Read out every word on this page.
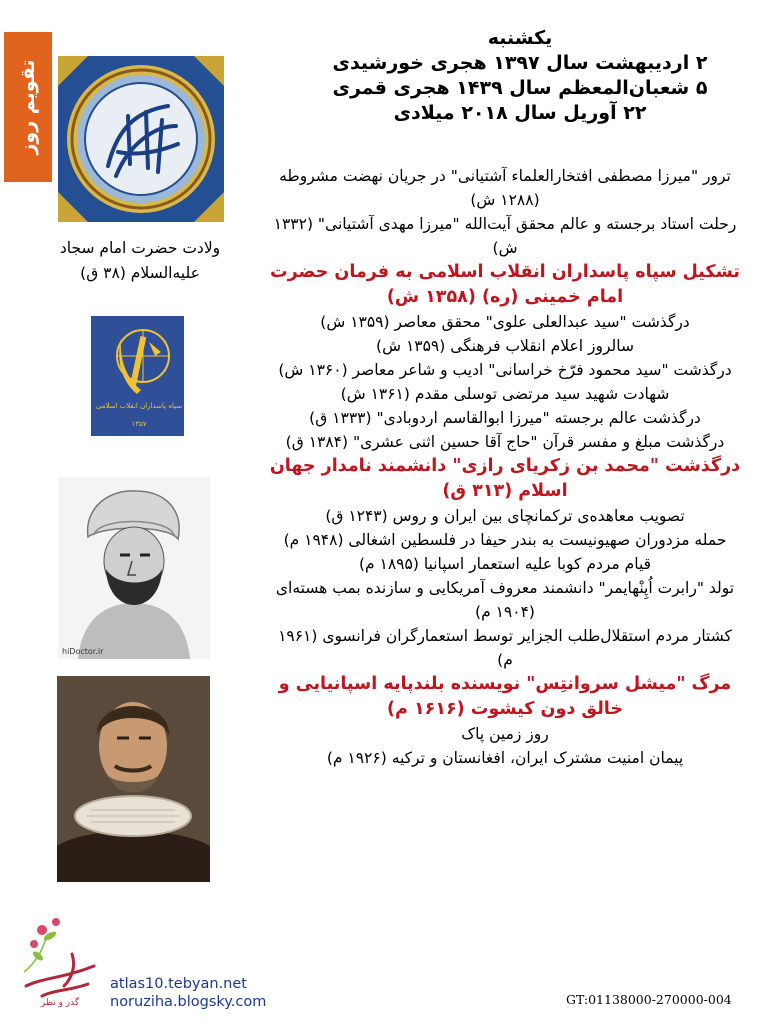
تقویم روز
یکشنبه
۲ اردیبهشت سال ۱۳۹۷ هجری خورشیدی
۵ شعبان‌المعظم سال ۱۴۳۹ هجری قمری
۲۲ آوریل سال ۲۰۱۸ میلادی
ولادت حضرت امام سجاد علیه‌السلام (۳۸ ق)
سپاه پاسداران انقلاب اسلامی
۱۳۵۷
hiDoctor.ir
گذر و نظر
atlas10.tebyan.net
noruziha.blogsky.com	GT:01138000-270000-004
ترور "میرزا مصطفی افتخارالعلماء آشتیانی" در جریان نهضت مشروطه (۱۲۸۸ ش)
رحلت استاد برجسته و عالم محقق آیت‌الله "میرزا مهدی آشتیانی" (۱۳۳۲ ش)
تشکیل سپاه پاسداران انقلاب اسلامی به فرمان حضرت امام خمینی (ره) (۱۳۵۸ ش)
درگذشت "سید عبدالعلی علوی" محقق معاصر (۱۳۵۹ ش)
سالروز اعلام انقلاب فرهنگی (۱۳۵۹ ش)
درگذشت "سید محمود فرّخ خراسانی" ادیب و شاعر معاصر (۱۳۶۰ ش)
شهادت شهید سید مرتضی توسلی مقدم (۱۳۶۱ ش)
درگذشت عالم برجسته "میرزا ابوالقاسم اردوبادی" (۱۳۳۳ ق)
درگذشت مبلغ و مفسر قرآن "حاج آقا حسین اثنی عشری" (۱۳۸۴ ق)
درگذشت "محمد بن زکریای رازی" دانشمند نامدار جهان اسلام (۳۱۳ ق)
تصویب معاهده‌ی ترکمانچای بین ایران و روس (۱۲۴۳ ق)
حمله مزدوران صهیونیست به بندر حیفا در فلسطین اشغالی (۱۹۴۸ م)
قیام مردم کوبا علیه استعمار اسپانیا (۱۸۹۵ م)
تولد "رابرت اُپِنْهایمر" دانشمند معروف آمریکایی و سازنده بمب هسته‌ای (۱۹۰۴ م)
کشتار مردم استقلال‌طلب الجزایر توسط استعمارگران فرانسوی (۱۹۶۱ م)
مرگ "میشل سروانتِس" نویسنده بلندپایه اسپانیایی و خالق دون کیشوت (۱۶۱۶ م)
روز زمین پاک
پیمان امنیت مشترک ایران، افغانستان و ترکیه (۱۹۲۶ م)
